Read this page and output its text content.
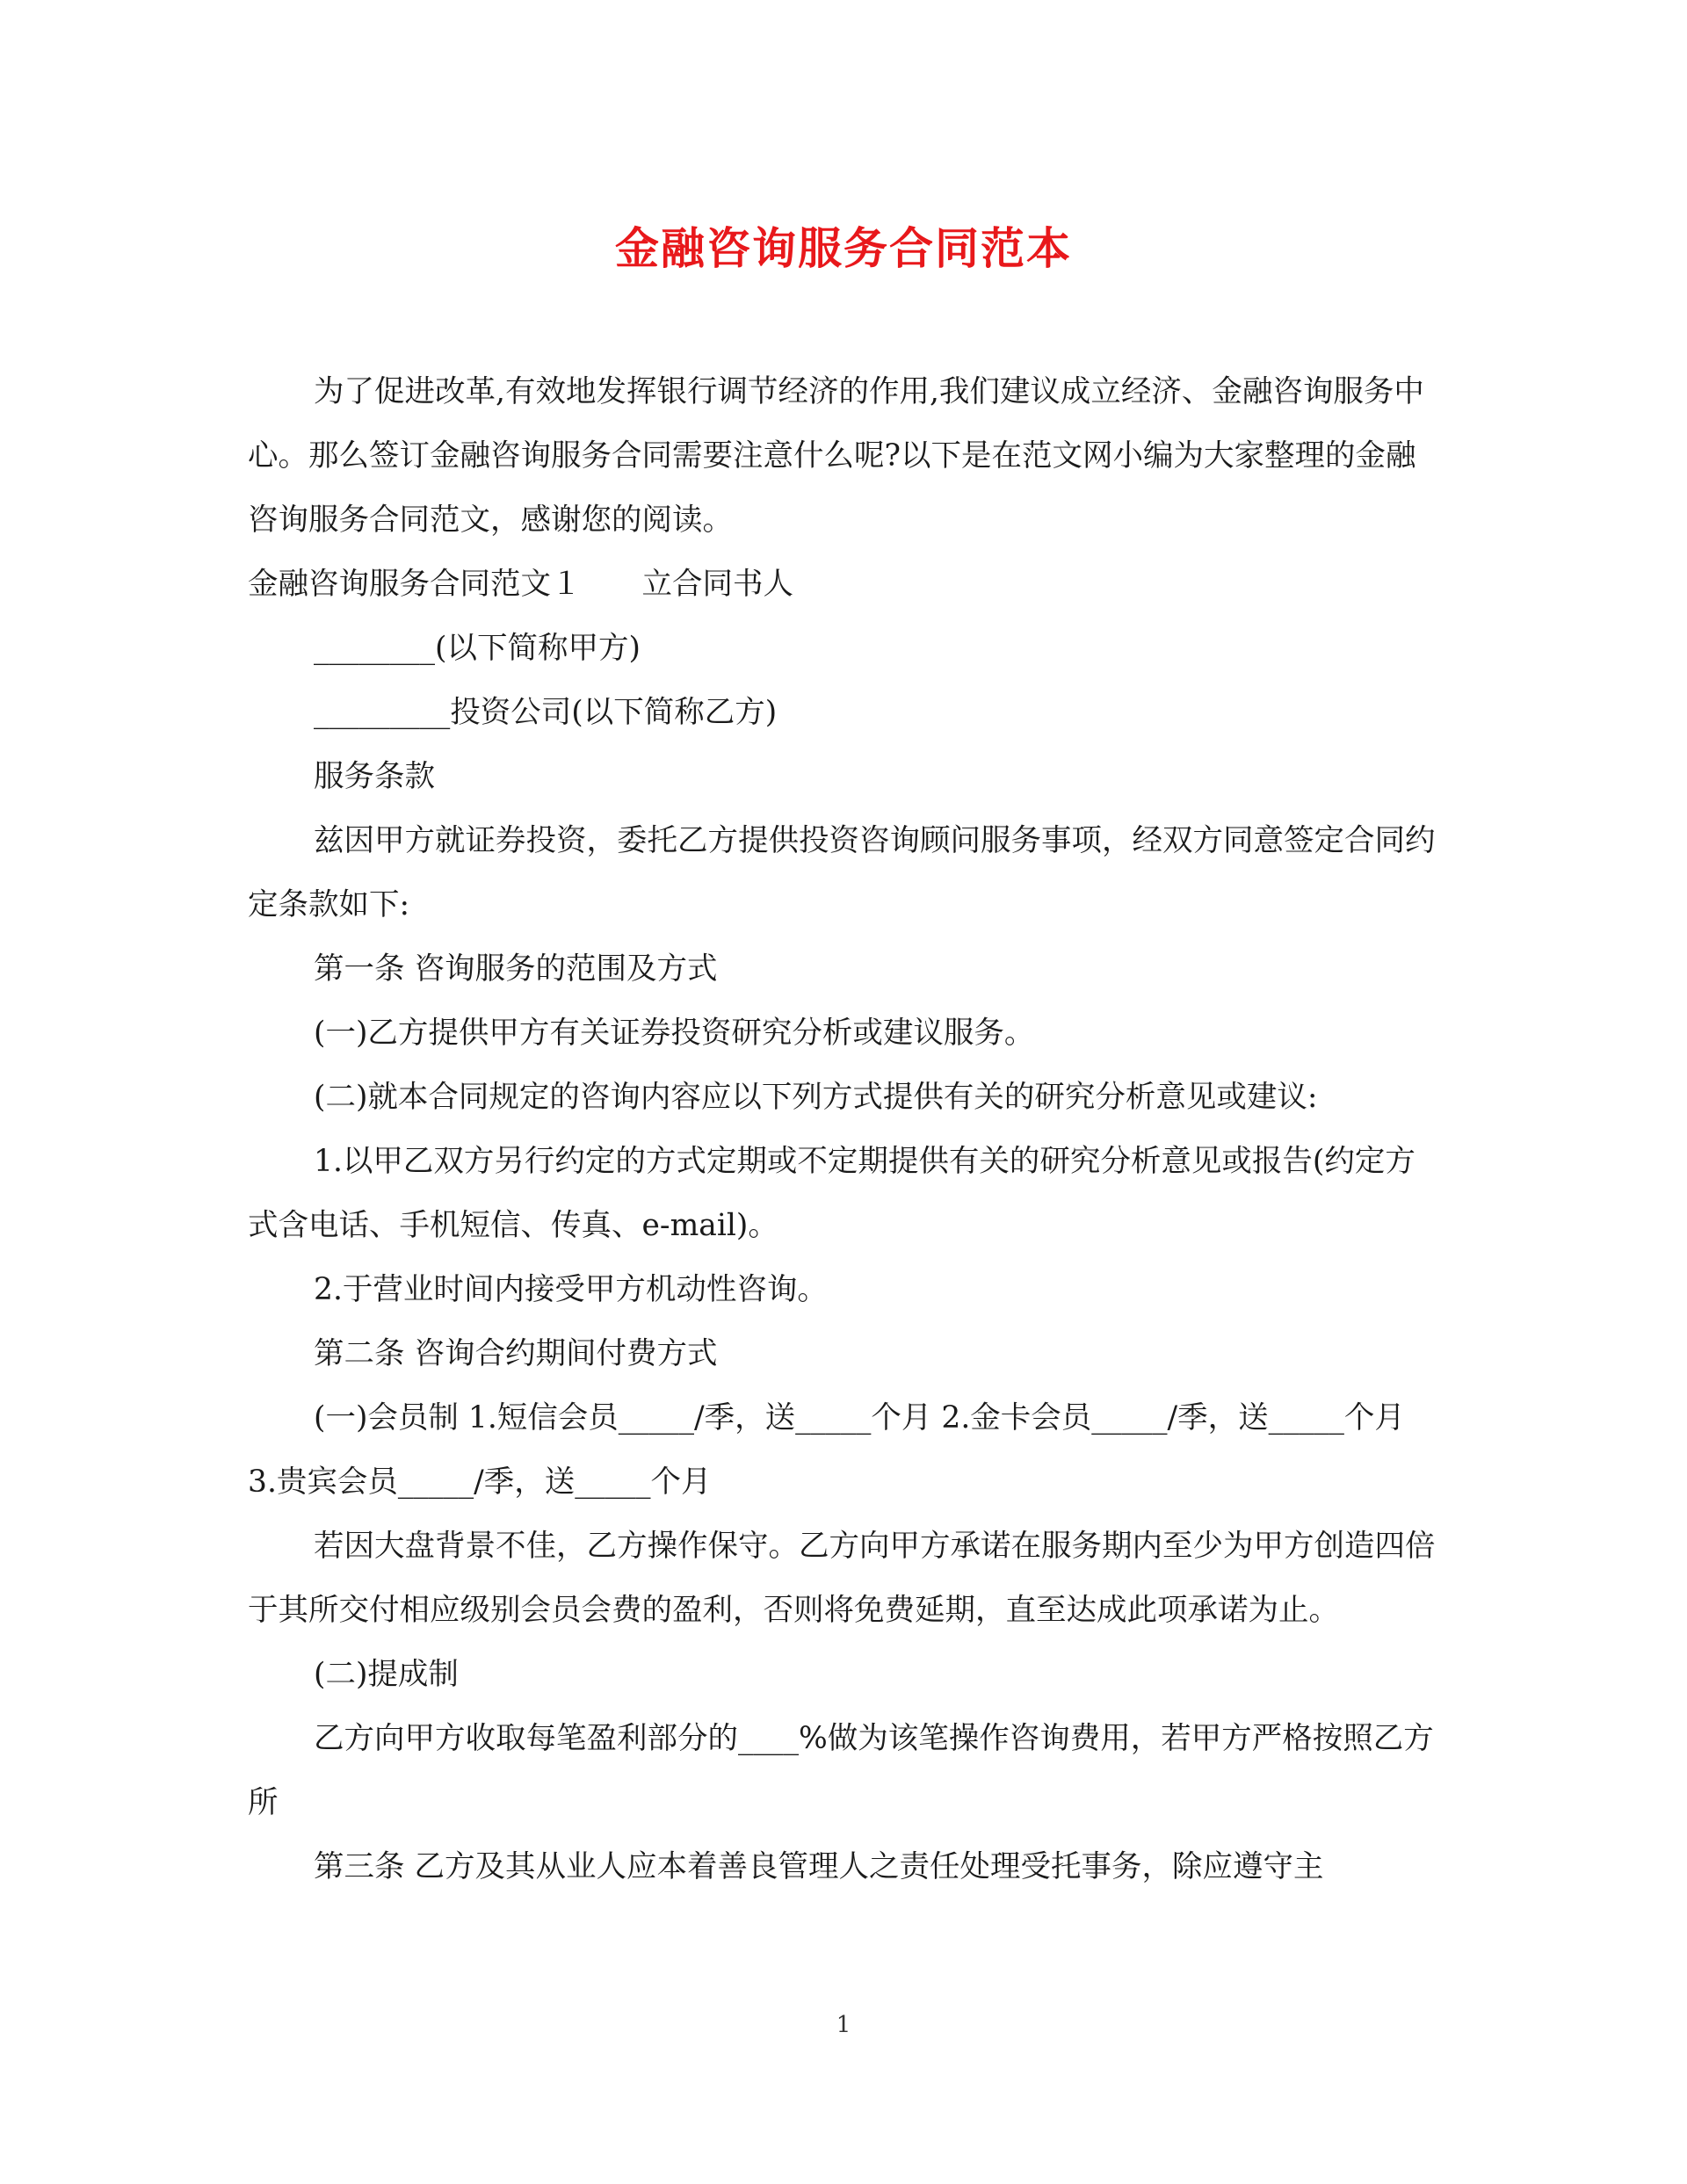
金融咨询服务合同范本

为了促进改革,有效地发挥银行调节经济的作用,我们建议成立经济、金融咨询服务中心。那么签订金融咨询服务合同需要注意什么呢?以下是在范文网小编为大家整理的金融咨询服务合同范文，感谢您的阅读。

金融咨询服务合同范文１　　立合同书人

________(以下简称甲方)

_________投资公司(以下简称乙方)

服务条款

兹因甲方就证券投资，委托乙方提供投资咨询顾问服务事项，经双方同意签定合同约定条款如下:

第一条 咨询服务的范围及方式

(一)乙方提供甲方有关证券投资研究分析或建议服务。

(二)就本合同规定的咨询内容应以下列方式提供有关的研究分析意见或建议:

1.以甲乙双方另行约定的方式定期或不定期提供有关的研究分析意见或报告(约定方式含电话、手机短信、传真、e-mail)。

2.于营业时间内接受甲方机动性咨询。

第二条 咨询合约期间付费方式

(一)会员制 1.短信会员_____/季，送_____个月 2.金卡会员_____/季，送_____个月 3.贵宾会员_____/季，送_____个月

若因大盘背景不佳，乙方操作保守。乙方向甲方承诺在服务期内至少为甲方创造四倍于其所交付相应级别会员会费的盈利，否则将免费延期，直至达成此项承诺为止。

(二)提成制

乙方向甲方收取每笔盈利部分的____%做为该笔操作咨询费用，若甲方严格按照乙方所

第三条 乙方及其从业人应本着善良管理人之责任处理受托事务，除应遵守主

1
